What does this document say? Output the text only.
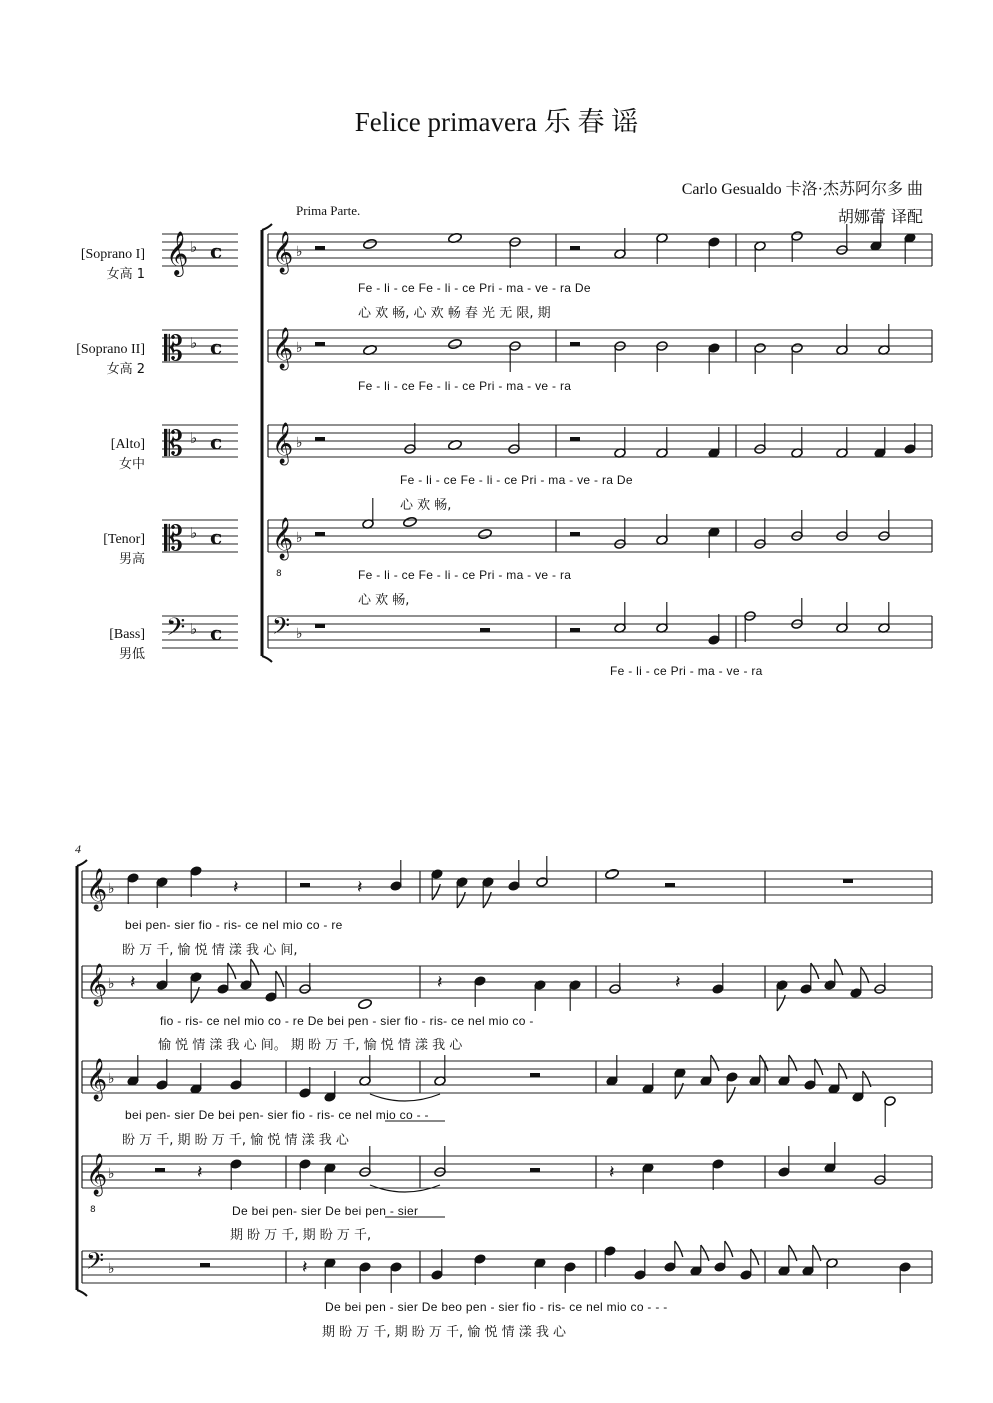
Felice primavera 乐 春 谣
Carlo Gesualdo 卡洛·杰苏阿尔多 曲
胡娜蕾 译配
Prima Parte.
[Soprano I]
女高 1
[Soprano II]
女高 2
[Alto]
女中
[Tenor]
男高
[Bass]
男低
Fe - li - ce Fe - li - ce Pri - ma - ve - ra De
心 欢 畅, 心 欢 畅 春 光 无 限, 期
Fe - li - ce Fe - li - ce Pri - ma - ve - ra
Fe - li - ce Fe - li - ce Pri - ma - ve - ra De
心 欢 畅,
Fe - li - ce Fe - li - ce Pri - ma - ve - ra
心 欢 畅,
Fe - li - ce Pri - ma - ve - ra
4
bei pen- sier fio - ris- ce nel mio co - re
盼 万 千, 愉 悦 情 漾 我 心 间,
fio - ris- ce nel mio co - re De bei pen - sier fio - ris- ce nel mio co -
愉 悦 情 漾 我 心 间。 期 盼 万 千, 愉 悦 情 漾 我 心
bei pen- sier De bei pen- sier fio - ris- ce nel mio co - -
盼 万 千, 期 盼 万 千, 愉 悦 情 漾 我 心
De bei pen- sier De bei pen - sier
期 盼 万 千, 期 盼 万 千,
De bei pen - sier De beo pen - sier fio - ris- ce nel mio co - - -
期 盼 万 千, 期 盼 万 千, 愉 悦 情 漾 我 心
𝄞 ♭ c
𝄡 ♭ c
𝄡 ♭ c
𝄡 ♭ c
𝄢 ♭ c
𝄞 ♭
𝄞 ♭
𝄞 ♭
𝄞
8
♭
𝄢 ♭
𝄞 ♭
𝄞 ♭
𝄞 ♭
𝄞
8
♭
𝄢 ♭
𝄽	𝄽
𝄽	𝄽	𝄽
𝄽	𝄽
𝄽
